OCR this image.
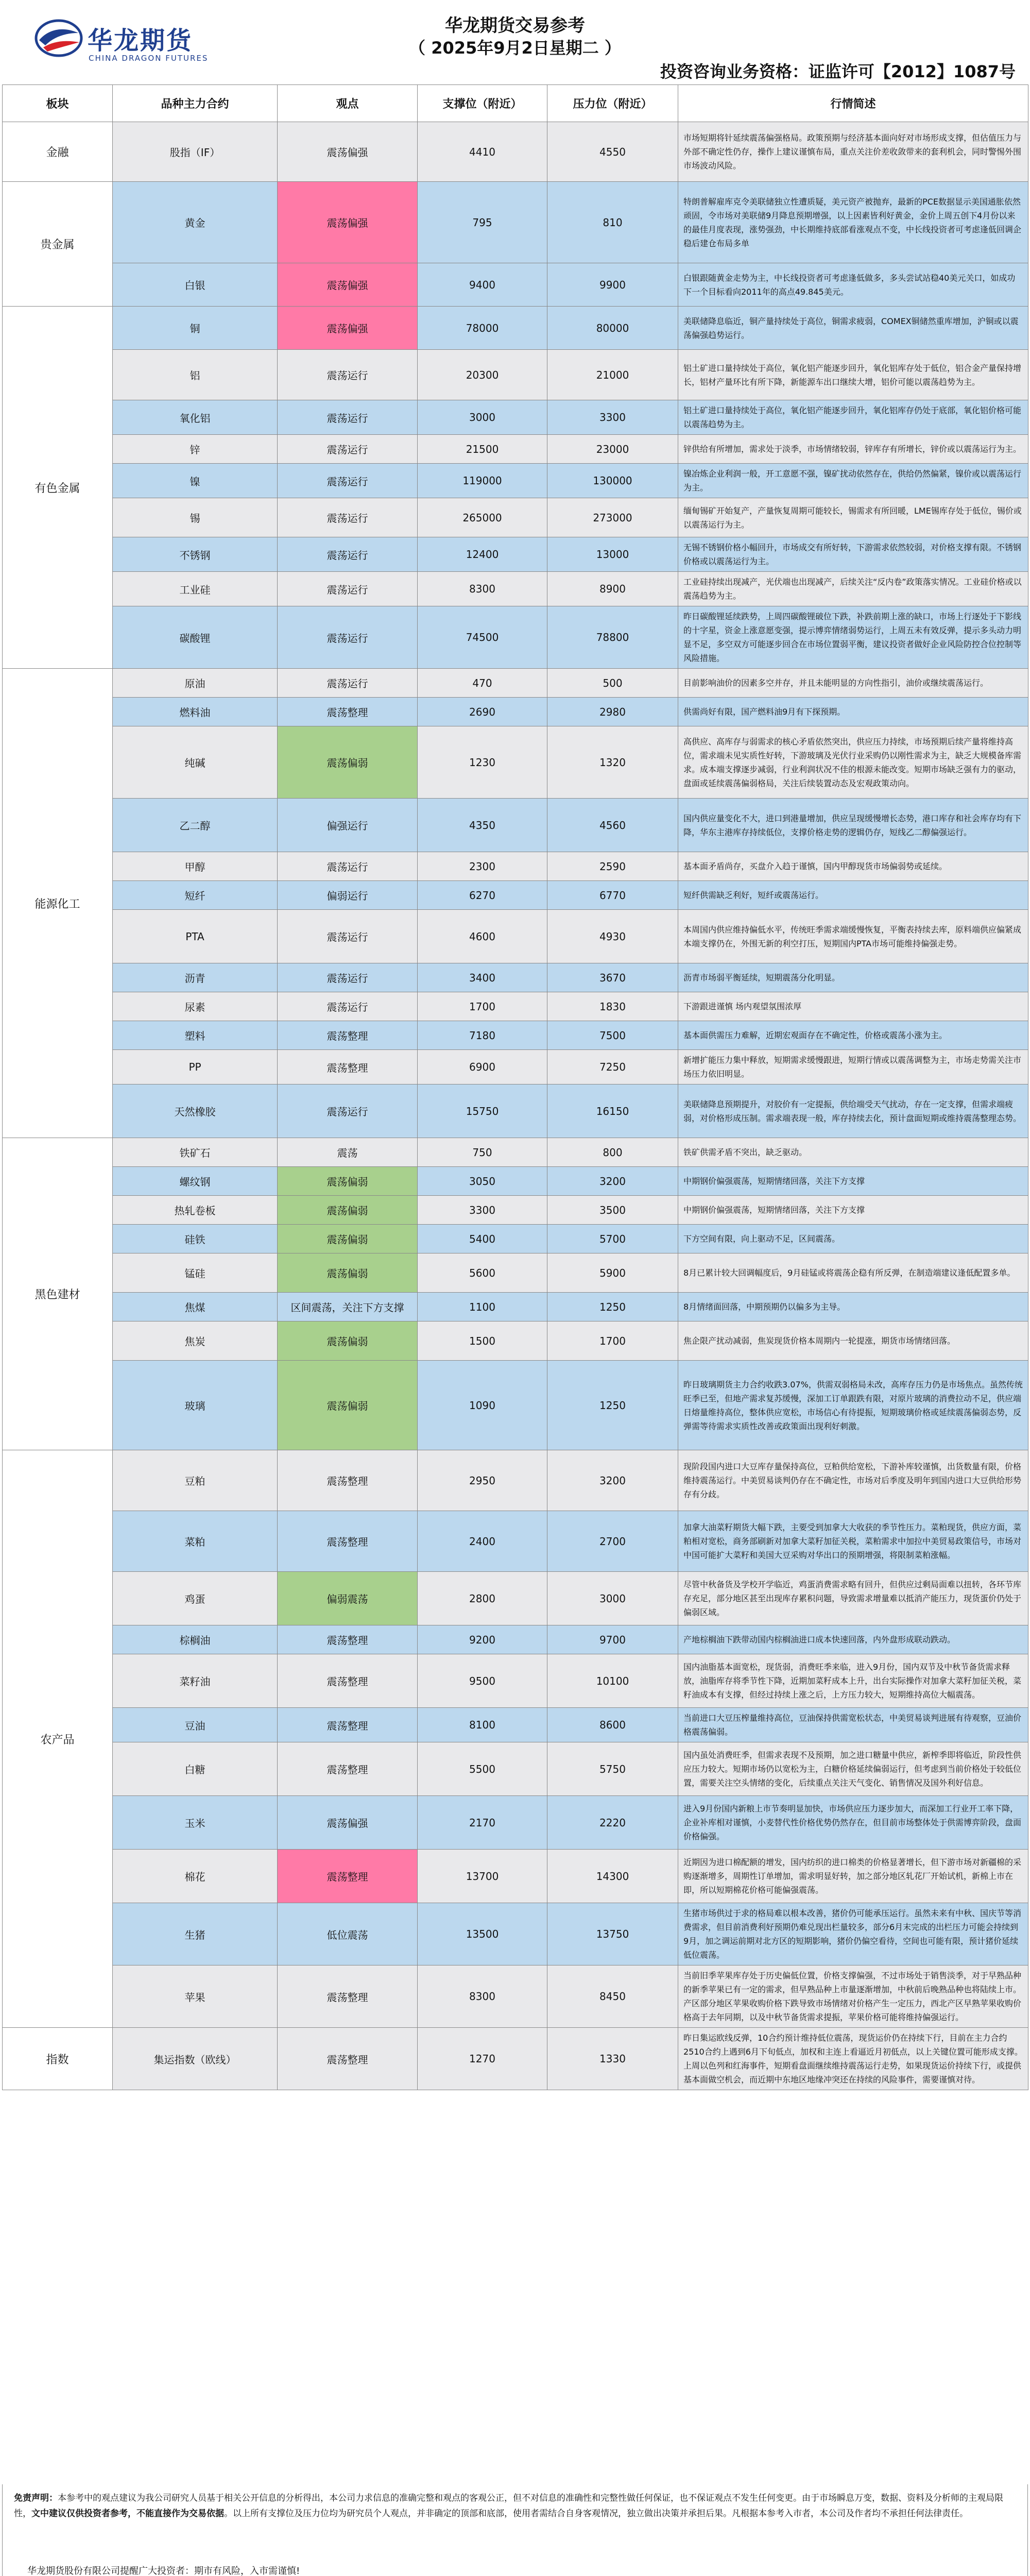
华龙期货
CHINA DRAGON FUTURES
华龙期货交易参考
（ 2025年9月2日星期二 ）
投资咨询业务资格：证监许可【2012】1087号
板块	品种主力合约	观点	支撑位（附近）	压力位（附近）	行情简述
金融	股指（IF）	震荡偏强	4410	4550	市场短期将针延续震荡偏强格局。政策预期与经济基本面向好对市场形成支撑，但估值压力与外部不确定性仍存，操作上建议谨慎布局，重点关注价差收敛带来的套利机会，同时警惕外围市场波动风险。
贵金属	黄金	震荡偏强	795	810	特朗普解雇库克令美联储独立性遭质疑，美元资产被抛弃，最新的PCE数据显示美国通胀依然顽固，令市场对美联储9月降息预期增强，以上因素皆利好黄金，金价上周五创下4月份以来的最佳月度表现，涨势强劲，中长期维持底部看涨观点不变，中长线投资者可考虑逢低回调企稳后建仓布局多单
	白银	震荡偏强	9400	9900	白银跟随黄金走势为主，中长线投资者可考虑逢低做多，多头尝试站稳40美元关口，如成功下一个目标看向2011年的高点49.845美元。
有色金属	铜	震荡偏强	78000	80000	美联储降息临近，铜产量持续处于高位，铜需求疲弱，COMEX铜储然重库增加，沪铜或以震荡偏强趋势运行。
	铝	震荡运行	20300	21000	铝土矿进口量持续处于高位，氧化铝产能逐步回升，氧化铝库存处于低位，铝合金产量保持增长，铝材产量环比有所下降，新能源车出口继续大增，铝价可能以震荡趋势为主。
	氧化铝	震荡运行	3000	3300	铝土矿进口量持续处于高位，氧化铝产能逐步回升，氧化铝库存仍处于底部，氧化铝价格可能以震荡趋势为主。
	锌	震荡运行	21500	23000	锌供给有所增加，需求处于淡季，市场情绪较弱，锌库存有所增长，锌价或以震荡运行为主。
	镍	震荡运行	119000	130000	镍冶炼企业利润一般，开工意愿不强，镍矿扰动依然存在，供给仍然偏紧，镍价或以震荡运行为主。
	锡	震荡运行	265000	273000	缅甸锡矿开始复产，产量恢复周期可能较长，锡需求有所回暖，LME锡库存处于低位，锡价或以震荡运行为主。
	不锈钢	震荡运行	12400	13000	无锡不锈钢价格小幅回升，市场成交有所好转，下游需求依然较弱，对价格支撑有限。不锈钢价格或以震荡运行为主。
	工业硅	震荡运行	8300	8900	工业硅持续出现减产，光伏端也出现减产，后续关注“反内卷”政策落实情况。工业硅价格或以震荡趋势为主。
	碳酸锂	震荡运行	74500	78800	昨日碳酸锂延续跌势，上周四碳酸锂破位下跌，补跌前期上涨的缺口，市场上行逐处于下影线的十字星，资金上涨意愿变强，提示博弈情绪弱势运行，上周五未有效反弹，提示多头动力明显不足，多空双方可能逐步回合在市场位置弱平衡，建议投资者做好企业风险防控合位控制等风险措施。
能源化工	原油	震荡运行	470	500	目前影响油价的因素多空并存，并且未能明显的方向性指引，油价或继续震荡运行。
	燃料油	震荡整理	2690	2980	供需尚好有限，国产燃料油9月有下探预期。
	纯碱	震荡偏弱	1230	1320	高供应、高库存与弱需求的核心矛盾依然突出，供应压力持续，市场预期后续产量将维持高位，需求端未见实质性好转，下游玻璃及光伏行业采购仍以刚性需求为主，缺乏大规模备库需求。成本端支撑逐步减弱，行业利润状况不佳的根源未能改变。短期市场缺乏强有力的驱动，盘面或延续震荡偏弱格局，关注后续装置动态及宏观政策动向。
	乙二醇	偏强运行	4350	4560	国内供应量变化不大，进口到港量增加，供应呈现缓慢增长态势，港口库存和社会库存均有下降，华东主港库存持续低位，支撑价格走势的逻辑仍存，短线乙二醇偏强运行。
	甲醇	震荡运行	2300	2590	基本面矛盾尚存，买盘介入趋于谨慎，国内甲醇现货市场偏弱势或延续。
	短纤	偏弱运行	6270	6770	短纤供需缺乏利好，短纤或震荡运行。
	PTA	震荡运行	4600	4930	本周国内供应维持偏低水平，传统旺季需求端缓慢恢复，平衡表持续去库，原料端供应偏紧成本端支撑仍在，外围无新的利空打压，短期国内PTA市场可能维持偏强走势。
	沥青	震荡运行	3400	3670	沥青市场弱平衡延续，短期震荡分化明显。
	尿素	震荡运行	1700	1830	下游跟进谨慎 场内观望氛围浓厚
	塑料	震荡整理	7180	7500	基本面供需压力难解，近期宏观面存在不确定性，价格或震荡小涨为主。
	PP	震荡整理	6900	7250	新增扩能压力集中释放，短期需求缓慢跟进，短期行情或以震荡调整为主，市场走势需关注市场压力依旧明显。
	天然橡胶	震荡运行	15750	16150	美联储降息预期提升，对胶价有一定提振，供给端受天气扰动，存在一定支撑，但需求端疲弱，对价格形成压制。需求端表现一般，库存持续去化，预计盘面短期或维持震荡整理态势。
黑色建材	铁矿石	震荡	750	800	铁矿供需矛盾不突出，缺乏驱动。
	螺纹钢	震荡偏弱	3050	3200	中期钢价偏强震荡，短期情绪回落，关注下方支撑
	热轧卷板	震荡偏弱	3300	3500	中期钢价偏强震荡，短期情绪回落，关注下方支撑
	硅铁	震荡偏弱	5400	5700	下方空间有限，向上驱动不足，区间震荡。
	锰硅	震荡偏弱	5600	5900	8月已累计较大回调幅度后，9月硅锰或将震荡企稳有所反弹，在制造端建议逢低配置多单。
	焦煤	区间震荡，关注下方支撑	1100	1250	8月情绪面回落，中期预期仍以偏多为主导。
	焦炭	震荡偏弱	1500	1700	焦企限产扰动减弱，焦炭现货价格本周期内一轮提涨，期货市场情绪回落。
	玻璃	震荡偏弱	1090	1250	昨日玻璃期货主力合约收跌3.07%，供需双弱格局未改，高库存压力仍是市场焦点。虽然传统旺季已至，但地产需求复苏缓慢，深加工订单跟跌有限，对原片玻璃的消费拉动不足，供应端日熔量维持高位，整体供应宽松，市场信心有待提振，短期玻璃价格或延续震荡偏弱态势，反弹需等待需求实质性改善或政策面出现利好刺激。
农产品	豆粕	震荡整理	2950	3200	现阶段国内进口大豆库存量保持高位，豆粕供给宽松，下游补库较谨慎，出货数量有限，价格维持震荡运行。中美贸易谈判仍存在不确定性，市场对后季度及明年到国内进口大豆供给形势存有分歧。
	菜粕	震荡整理	2400	2700	加拿大油菜籽期货大幅下跌，主要受到加拿大大收获的季节性压力。菜粕现货，供应方面，菜粕相对宽松，商务部刷新对加拿大菜籽加征关税，菜粕需求中加拉中美贸易政策信号，市场对中国可能扩大菜籽和美国大豆采购对华出口的预期增强，将限制菜粕涨幅。
	鸡蛋	偏弱震荡	2800	3000	尽管中秋备货及学校开学临近，鸡蛋消费需求略有回升，但供应过剩局面难以扭转，各环节库存充足，部分地区甚至出现库存累积问题，导致需求增量难以抵消产能压力，现货蛋价仍处于偏弱区域。
	棕榈油	震荡整理	9200	9700	产地棕榈油下跌带动国内棕榈油进口成本快速回落，内外盘形成联动跌动。
	菜籽油	震荡整理	9500	10100	国内油脂基本面宽松，现货弱，消费旺季来临，进入9月份，国内双节及中秋节备货需求释放，油脂库存将季节性下降，近期加菜籽成本上升，出台实际操作对加拿大菜籽加征关税，菜籽油成本有支撑，但经过持续上涨之后，上方压力较大，短期维持高位大幅震荡。
	豆油	震荡整理	8100	8600	当前进口大豆压榨量维持高位，豆油保持供需宽松状态，中美贸易谈判进展有待观察，豆油价格震荡偏弱。
	白糖	震荡整理	5500	5750	国内虽处消费旺季，但需求表现不及预期，加之进口糖量中供应，新榨季即将临近，阶段性供应压力较大。短期市场仍以宽松为主，白糖价格延续偏弱运行，但考虑到当前价格处于较低位置，需要关注空头情绪的变化，后续重点关注天气变化、销售情况及国外利好信息。
	玉米	震荡偏强	2170	2220	进入9月份国内新粮上市节奏明显加快，市场供应压力逐步加大，而深加工行业开工率下降，企业补库相对谨慎，小麦替代性价格优势仍然存在，但目前市场整体处于供需博弈阶段，盘面价格偏强。
	棉花	震荡整理	13700	14300	近期因为进口棉配额的增发，国内纺织的进口棉类的价格显著增长，但下游市场对新疆棉的采购逐渐增多，周期性订单增加，需求明显好转，加之部分地区轧花厂开始试机，新棉上市在即，所以短期棉花价格可能偏强震荡。
	生猪	低位震荡	13500	13750	生猪市场供过于求的格局难以根本改善，猪价仍可能承压运行。虽然未来有中秋、国庆节等消费需求，但目前消费利好预期仍难兑现出栏量较多，部分6月末完成的出栏压力可能会持续到9月，加之调运前期对北方区的短期影响，猪价仍偏空看待，空间也可能有限，预计猪价延续低位震荡。
	苹果	震荡整理	8300	8450	当前旧季苹果库存处于历史偏低位置，价格支撑偏强，不过市场处于销售淡季，对于早熟品种的新季苹果已有一定的需求，但早熟品种上市量逐渐增加，中秋前后晚熟品种也将陆续上市。产区部分地区苹果收购价格下跌导致市场情绪对价格产生一定压力，西北产区早熟苹果收购价格高于去年同期，以及中秋节备货需求提振，苹果价格可能将维持偏强运行。
指数	集运指数（欧线）	震荡整理	1270	1330	昨日集运欧线反弹，10合约预计维持低位震荡，现货运价仍在持续下行，目前在主力合约2510合约上遇到6月下旬低点，加权和主连上看逼近月初低点，以上关键位置可能形成支撑。上周以色列和红海事件，短期看盘面继续维持震荡运行走势，如果现货运价持续下行，或提供基本面做空机会，而近期中东地区地缘冲突还在持续的风险事件，需要谨慎对待。
免责声明：本参考中的观点建议为我公司研究人员基于相关公开信息的分析得出，本公司力求信息的准确完整和观点的客观公正，但不对信息的准确性和完整性做任何保证，也不保证观点不发生任何变更。由于市场瞬息万变，数据、资料及分析师的主观局限性，文中建议仅供投资者参考，不能直接作为交易依据。以上所有支撑位及压力位均为研究员个人观点，并非确定的顶部和底部，使用者需结合自身客观情况，独立做出决策并承担后果。凡根据本参考入市者，本公司及作者均不承担任何法律责任。
华龙期货股份有限公司提醒广大投资者：期市有风险，入市需谨慎!
